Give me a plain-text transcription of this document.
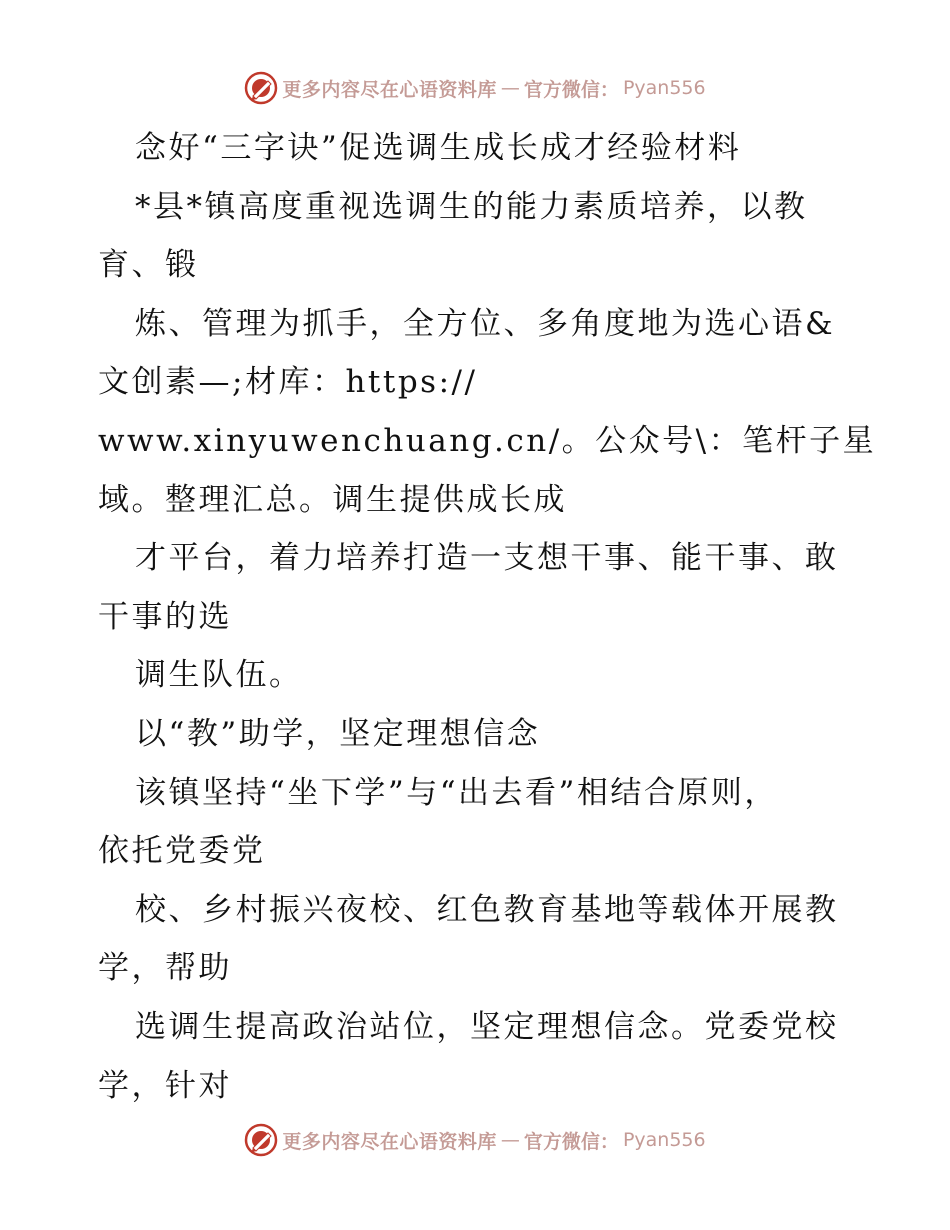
更多内容尽在心语资料库 — 官方微信： Pyan556
念好“三字诀”促选调生成长成才经验材料
*县*镇高度重视选调生的能力素质培养，以教
育、锻
炼、管理为抓手，全方位、多角度地为选心语&
文创素—;材库：https://
www.xinyuwenchuang.cn/。公众号\：笔杆子星
域。整理汇总。调生提供成长成
才平台，着力培养打造一支想干事、能干事、敢
干事的选
调生队伍。
以“教”助学，坚定理想信念
该镇坚持“坐下学”与“出去看”相结合原则，
依托党委党
校、乡村振兴夜校、红色教育基地等载体开展教
学，帮助
选调生提高政治站位，坚定理想信念。党委党校
学，针对
更多内容尽在心语资料库 — 官方微信： Pyan556
